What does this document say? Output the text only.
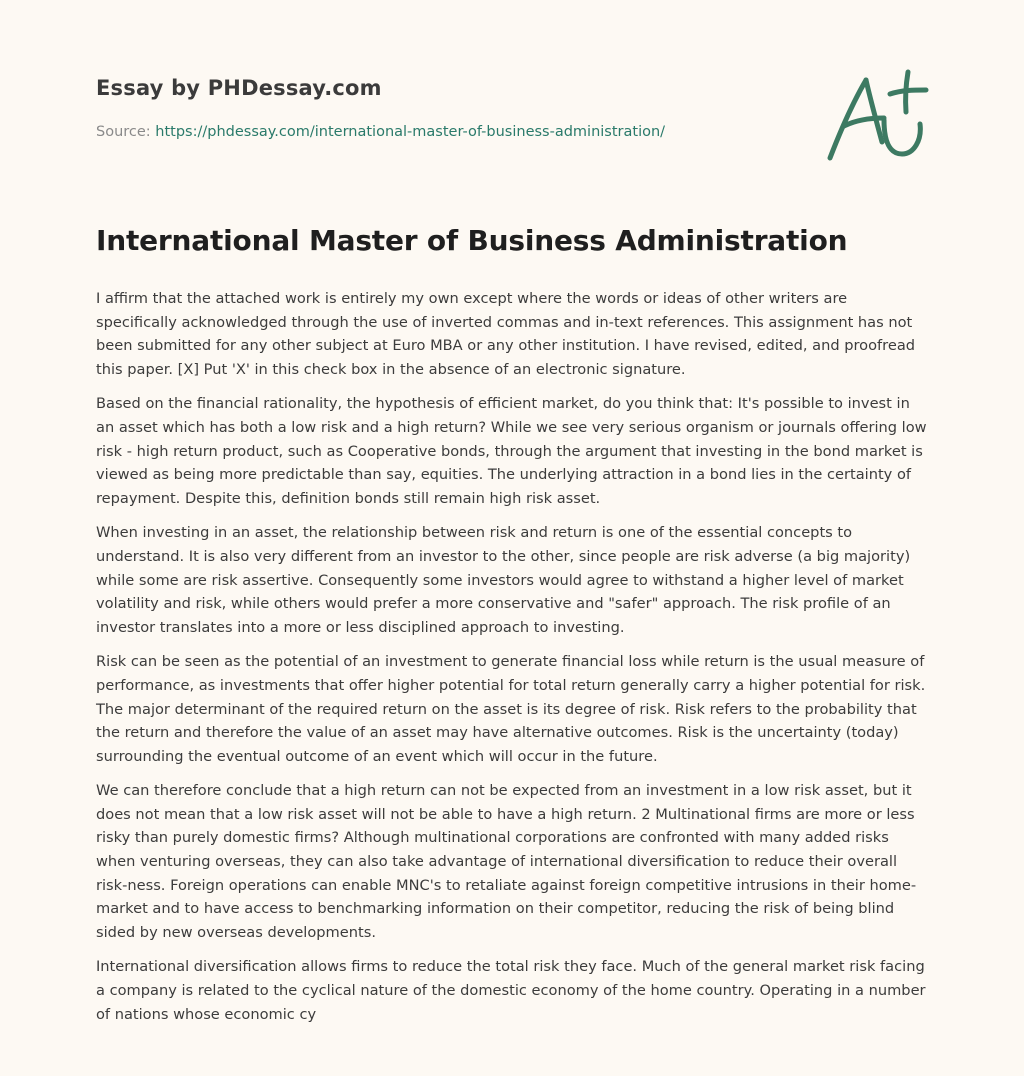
Essay by PHDessay.com
Source: https://phdessay.com/international-master-of-business-administration/
International Master of Business Administration

I affirm that the attached work is entirely my own except where the words or ideas of other writers are specifically acknowledged through the use of inverted commas and in-text references. This assignment has not been submitted for any other subject at Euro MBA or any other institution. I have revised, edited, and proofread this paper. [X] Put 'X' in this check box in the absence of an electronic signature.

Based on the financial rationality, the hypothesis of efficient market, do you think that: It's possible to invest in an asset which has both a low risk and a high return? While we see very serious organism or journals offering low risk - high return product, such as Cooperative bonds, through the argument that investing in the bond market is viewed as being more predictable than say, equities. The underlying attraction in a bond lies in the certainty of repayment. Despite this, definition bonds still remain high risk asset.

When investing in an asset, the relationship between risk and return is one of the essential concepts to understand. It is also very different from an investor to the other, since people are risk adverse (a big majority) while some are risk assertive. Consequently some investors would agree to withstand a higher level of market volatility and risk, while others would prefer a more conservative and "safer" approach. The risk profile of an investor translates into a more or less disciplined approach to investing.

Risk can be seen as the potential of an investment to generate financial loss while return is the usual measure of performance, as investments that offer higher potential for total return generally carry a higher potential for risk. The major determinant of the required return on the asset is its degree of risk. Risk refers to the probability that the return and therefore the value of an asset may have alternative outcomes. Risk is the uncertainty (today) surrounding the eventual outcome of an event which will occur in the future.

We can therefore conclude that a high return can not be expected from an investment in a low risk asset, but it does not mean that a low risk asset will not be able to have a high return. 2 Multinational firms are more or less risky than purely domestic firms? Although multinational corporations are confronted with many added risks when venturing overseas, they can also take advantage of international diversification to reduce their overall risk-ness. Foreign operations can enable MNC's to retaliate against foreign competitive intrusions in their home-market and to have access to benchmarking information on their competitor, reducing the risk of being blind sided by new overseas developments.

International diversification allows firms to reduce the total risk they face. Much of the general market risk facing a company is related to the cyclical nature of the domestic economy of the home country. Operating in a number of nations whose economic cy
